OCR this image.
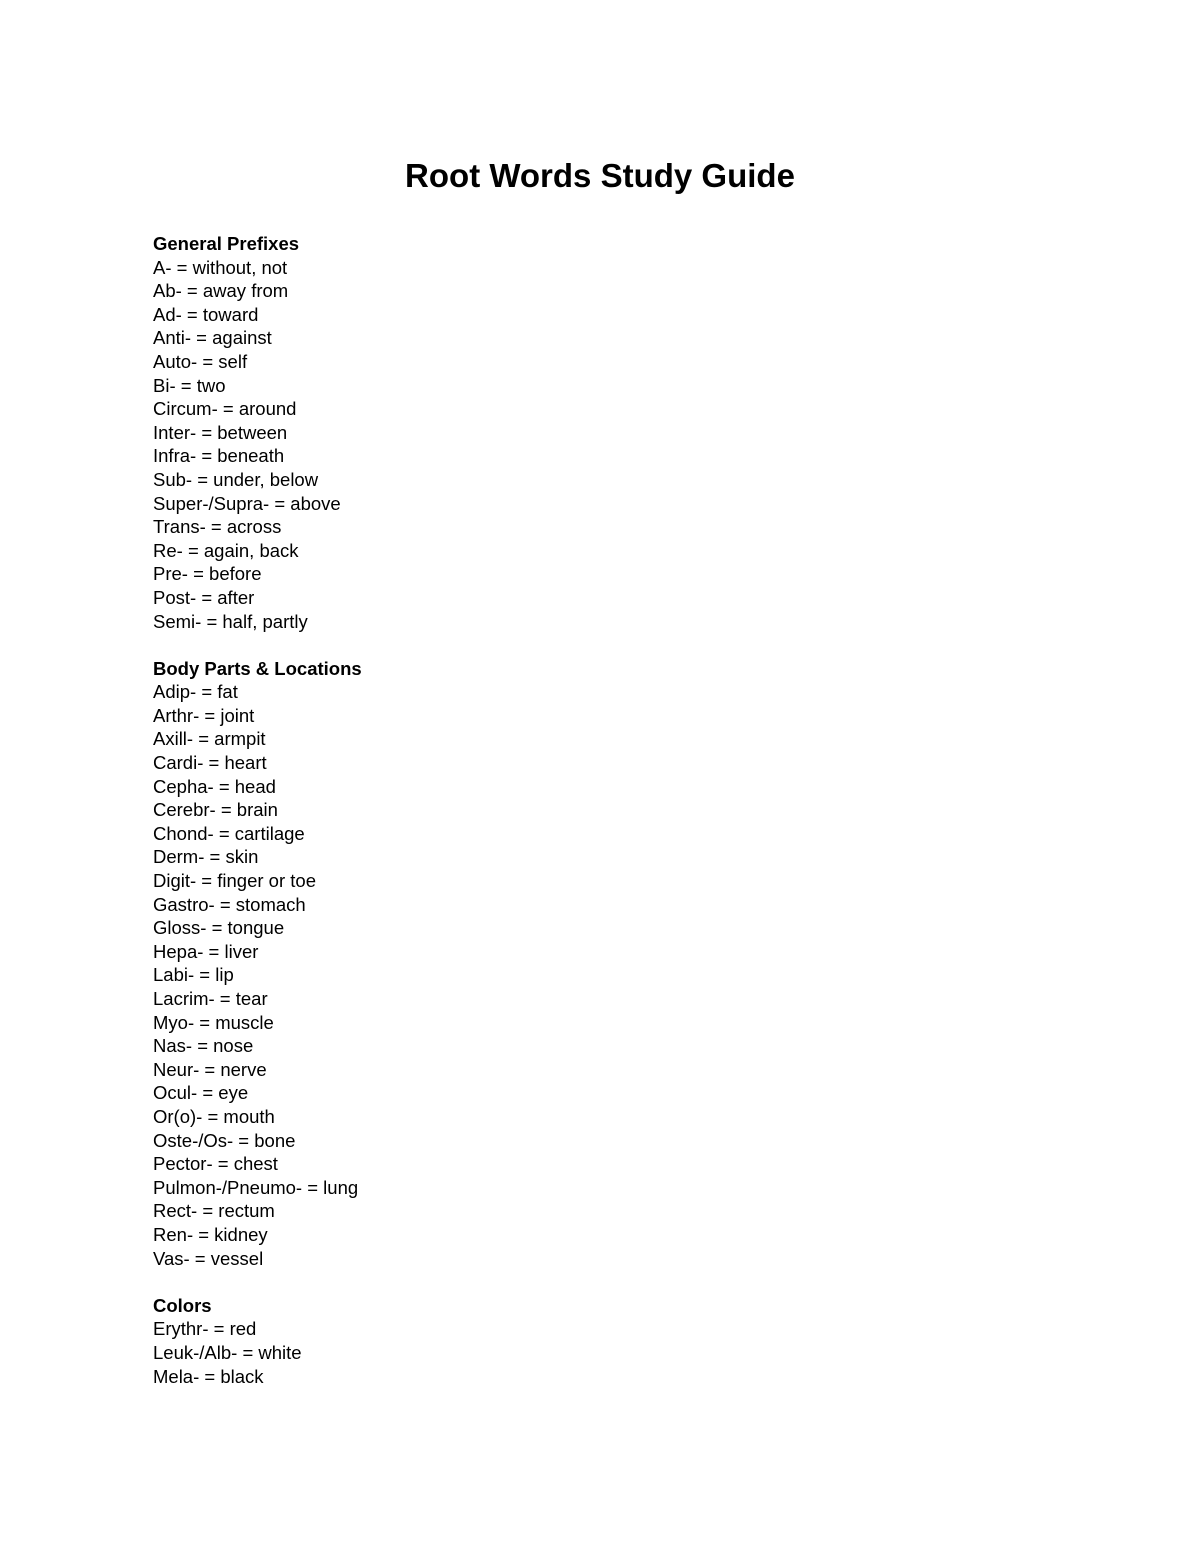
Root Words Study Guide
General Prefixes
A- = without, not
Ab- = away from
Ad- = toward
Anti- = against
Auto- = self
Bi- = two
Circum- = around
Inter- = between
Infra- = beneath
Sub- = under, below
Super-/Supra- = above
Trans- = across
Re- = again, back
Pre- = before
Post- = after
Semi- = half, partly
Body Parts & Locations
Adip- = fat
Arthr- = joint
Axill- = armpit
Cardi- = heart
Cepha- = head
Cerebr- = brain
Chond- = cartilage
Derm- = skin
Digit- = finger or toe
Gastro- = stomach
Gloss- = tongue
Hepa- = liver
Labi- = lip
Lacrim- = tear
Myo- = muscle
Nas- = nose
Neur- = nerve
Ocul- = eye
Or(o)- = mouth
Oste-/Os- = bone
Pector- = chest
Pulmon-/Pneumo- = lung
Rect- = rectum
Ren- = kidney
Vas- = vessel
Colors
Erythr- = red
Leuk-/Alb- = white
Mela- = black
